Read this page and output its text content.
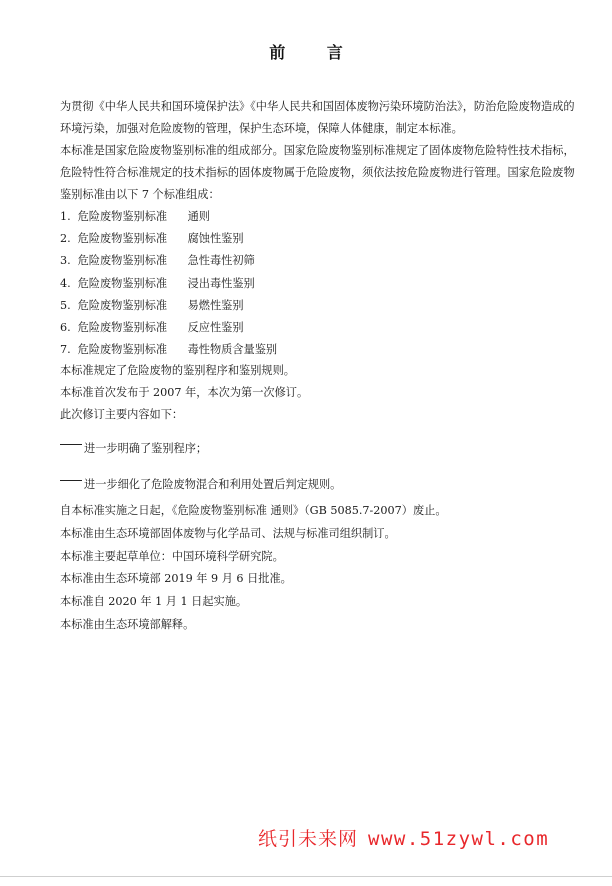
前 言

为贯彻《中华人民共和国环境保护法》《中华人民共和国固体废物污染环境防治法》，防治危险废物造成的环境污染，加强对危险废物的管理，保护生态环境，保障人体健康，制定本标准。

本标准是国家危险废物鉴别标准的组成部分。国家危险废物鉴别标准规定了固体废物危险特性技术指标，危险特性符合标准规定的技术指标的固体废物属于危险废物，须依法按危险废物进行管理。国家危险废物鉴别标准由以下 7 个标准组成：

1. 危险废物鉴别标准 通则
2. 危险废物鉴别标准 腐蚀性鉴别
3. 危险废物鉴别标准 急性毒性初筛
4. 危险废物鉴别标准 浸出毒性鉴别
5. 危险废物鉴别标准 易燃性鉴别
6. 危险废物鉴别标准 反应性鉴别
7. 危险废物鉴别标准 毒性物质含量鉴别
本标准规定了危险废物的鉴别程序和鉴别规则。
本标准首次发布于 2007 年，本次为第一次修订。
此次修订主要内容如下：
进一步明确了鉴别程序；
进一步细化了危险废物混合和利用处置后判定规则。
自本标准实施之日起，《危险废物鉴别标准 通则》（GB 5085.7-2007）废止。
本标准由生态环境部固体废物与化学品司、法规与标准司组织制订。
本标准主要起草单位：中国环境科学研究院。
本标准由生态环境部 2019 年 9 月 6 日批准。
本标准自 2020 年 1 月 1 日起实施。
本标准由生态环境部解释。
纸引未来网 www.51zywl.com
